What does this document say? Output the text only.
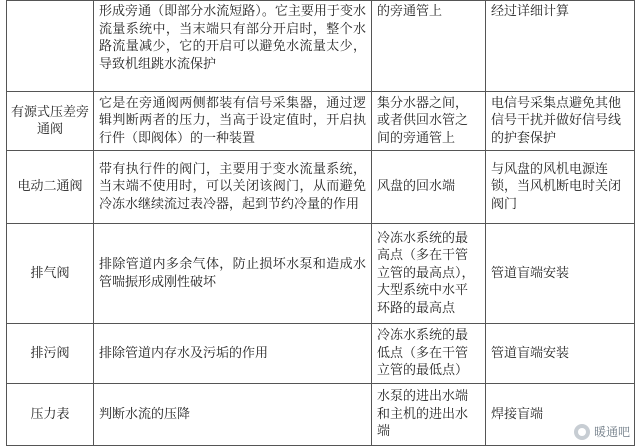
	形成旁通（即部分水流短路）。它主要用于变水流量系统中，当末端只有部分开启时，整个水路流量减少，它的开启可以避免水流量太少，导致机组跳水流保护	的旁通管上	经过详细计算
有源式压差旁通阀	它是在旁通阀两侧都装有信号采集器，通过逻辑判断两者的压力，当高于设定值时，开启执行件（即阀体）的一种装置	集分水器之间，或者供回水管之间的旁通管上	电信号采集点避免其他信号干扰并做好信号线的护套保护
电动二通阀	带有执行件的阀门，主要用于变水流量系统，当末端不使用时，可以关闭该阀门，从而避免冷冻水继续流过表冷器，起到节约冷量的作用	风盘的回水端	与风盘的风机电源连锁，当风机断电时关闭阀门
排气阀	排除管道内多余气体，防止损坏水泵和造成水管喘振形成刚性破坏	冷冻水系统的最高点（多在干管立管的最高点），大型系统中水平环路的最高点	管道盲端安装
排污阀	排除管道内存水及污垢的作用	冷冻水系统的最低点（多在干管立管的最低点）	管道盲端安装
压力表	判断水流的压降	水泵的进出水端和主机的进出水端	焊接盲端
暖通吧
